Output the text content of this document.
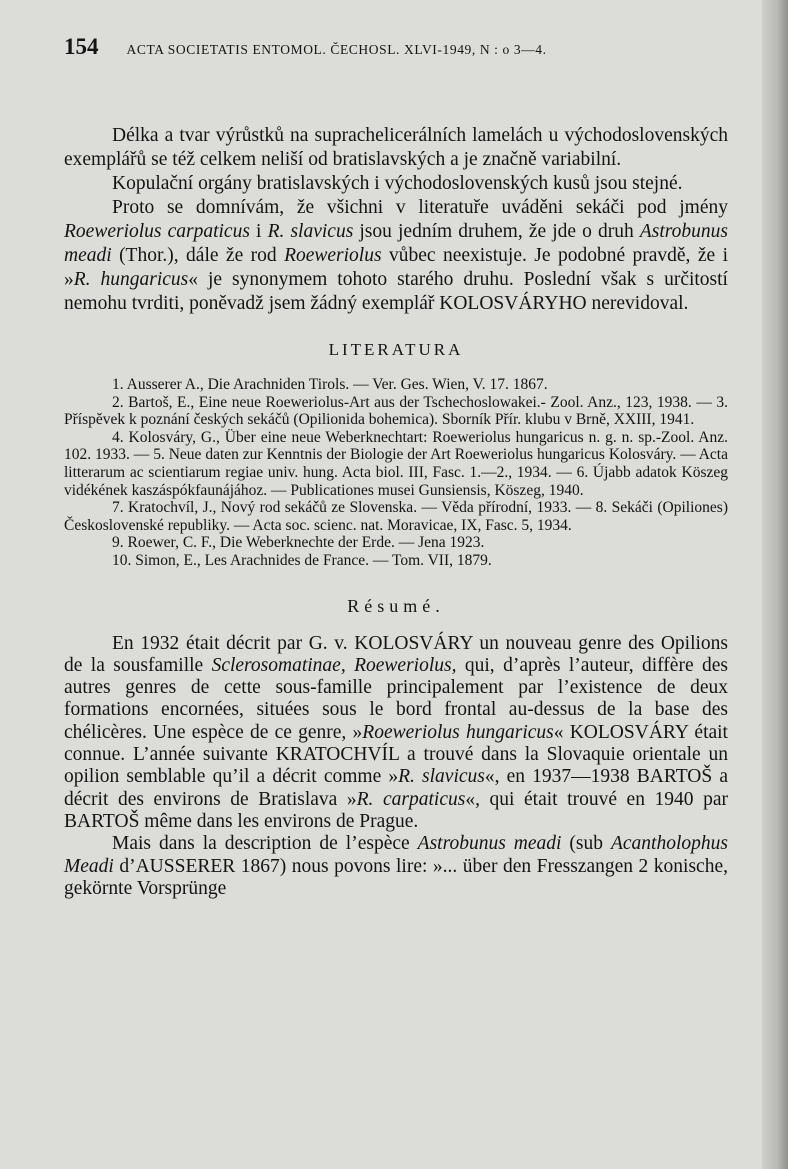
154 ACTA SOCIETATIS ENTOMOL. ČECHOSL. XLVI-1949, N : o 3—4.

Délka a tvar výrůstků na suprachelicerálních lamelách u východoslovenských exemplářů se též celkem neliší od bratislavských a je značně variabilní.

Kopulační orgány bratislavských i východoslovenských kusů jsou stejné.

Proto se domnívám, že všichni v literatuře uváděni sekáči pod jmény Roeweriolus carpaticus i R. slavicus jsou jedním druhem, že jde o druh Astrobunus meadi (Thor.), dále že rod Roeweriolus vůbec neexistuje. Je podobné pravdě, že i »R. hungaricus« je synonymem tohoto starého druhu. Poslední však s určitostí nemohu tvrditi, poněvadž jsem žádný exemplář KOLOSVÁRYHO nerevidoval.

LITERATURA

1. Ausserer A., Die Arachniden Tirols. — Ver. Ges. Wien, V. 17. 1867.

2. Bartoš, E., Eine neue Roeweriolus-Art aus der Tschechoslowakei.- Zool. Anz., 123, 1938. — 3. Příspěvek k poznání českých sekáčů (Opilionida bohemica). Sborník Přír. klubu v Brně, XXIII, 1941.

4. Kolosváry, G., Über eine neue Weberknechtart: Roeweriolus hungaricus n. g. n. sp.-Zool. Anz. 102. 1933. — 5. Neue daten zur Kenntnis der Biologie der Art Roeweriolus hungaricus Kolosváry. — Acta litterarum ac scientiarum regiae univ. hung. Acta biol. III, Fasc. 1.—2., 1934. — 6. Újabb adatok Köszeg vidékének kaszáspókfaunájához. — Publicationes musei Gunsiensis, Köszeg, 1940.

7. Kratochvíl, J., Nový rod sekáčů ze Slovenska. — Věda přírodní, 1933. — 8. Sekáči (Opiliones) Československé republiky. — Acta soc. scienc. nat. Moravicae, IX, Fasc. 5, 1934.

9. Roewer, C. F., Die Weberknechte der Erde. — Jena 1923.

10. Simon, E., Les Arachnides de France. — Tom. VII, 1879.

Résumé.

En 1932 était décrit par G. v. KOLOSVÁRY un nouveau genre des Opilions de la sousfamille Sclerosomatinae, Roeweriolus, qui, d’après l’auteur, diffère des autres genres de cette sous-famille principalement par l’existence de deux formations encornées, situées sous le bord frontal au-dessus de la base des chélicères. Une espèce de ce genre, »Roeweriolus hungaricus« KOLOSVÁRY était connue. L’année suivante KRATOCHVÍL a trouvé dans la Slovaquie orientale un opilion semblable qu’il a décrit comme »R. slavicus«, en 1937—1938 BARTOŠ a décrit des environs de Bratislava »R. carpaticus«, qui était trouvé en 1940 par BARTOŠ même dans les environs de Prague.

Mais dans la description de l’espèce Astrobunus meadi (sub Acantholophus Meadi d’AUSSERER 1867) nous povons lire: »... über den Fresszangen 2 konische, gekörnte Vorsprünge
